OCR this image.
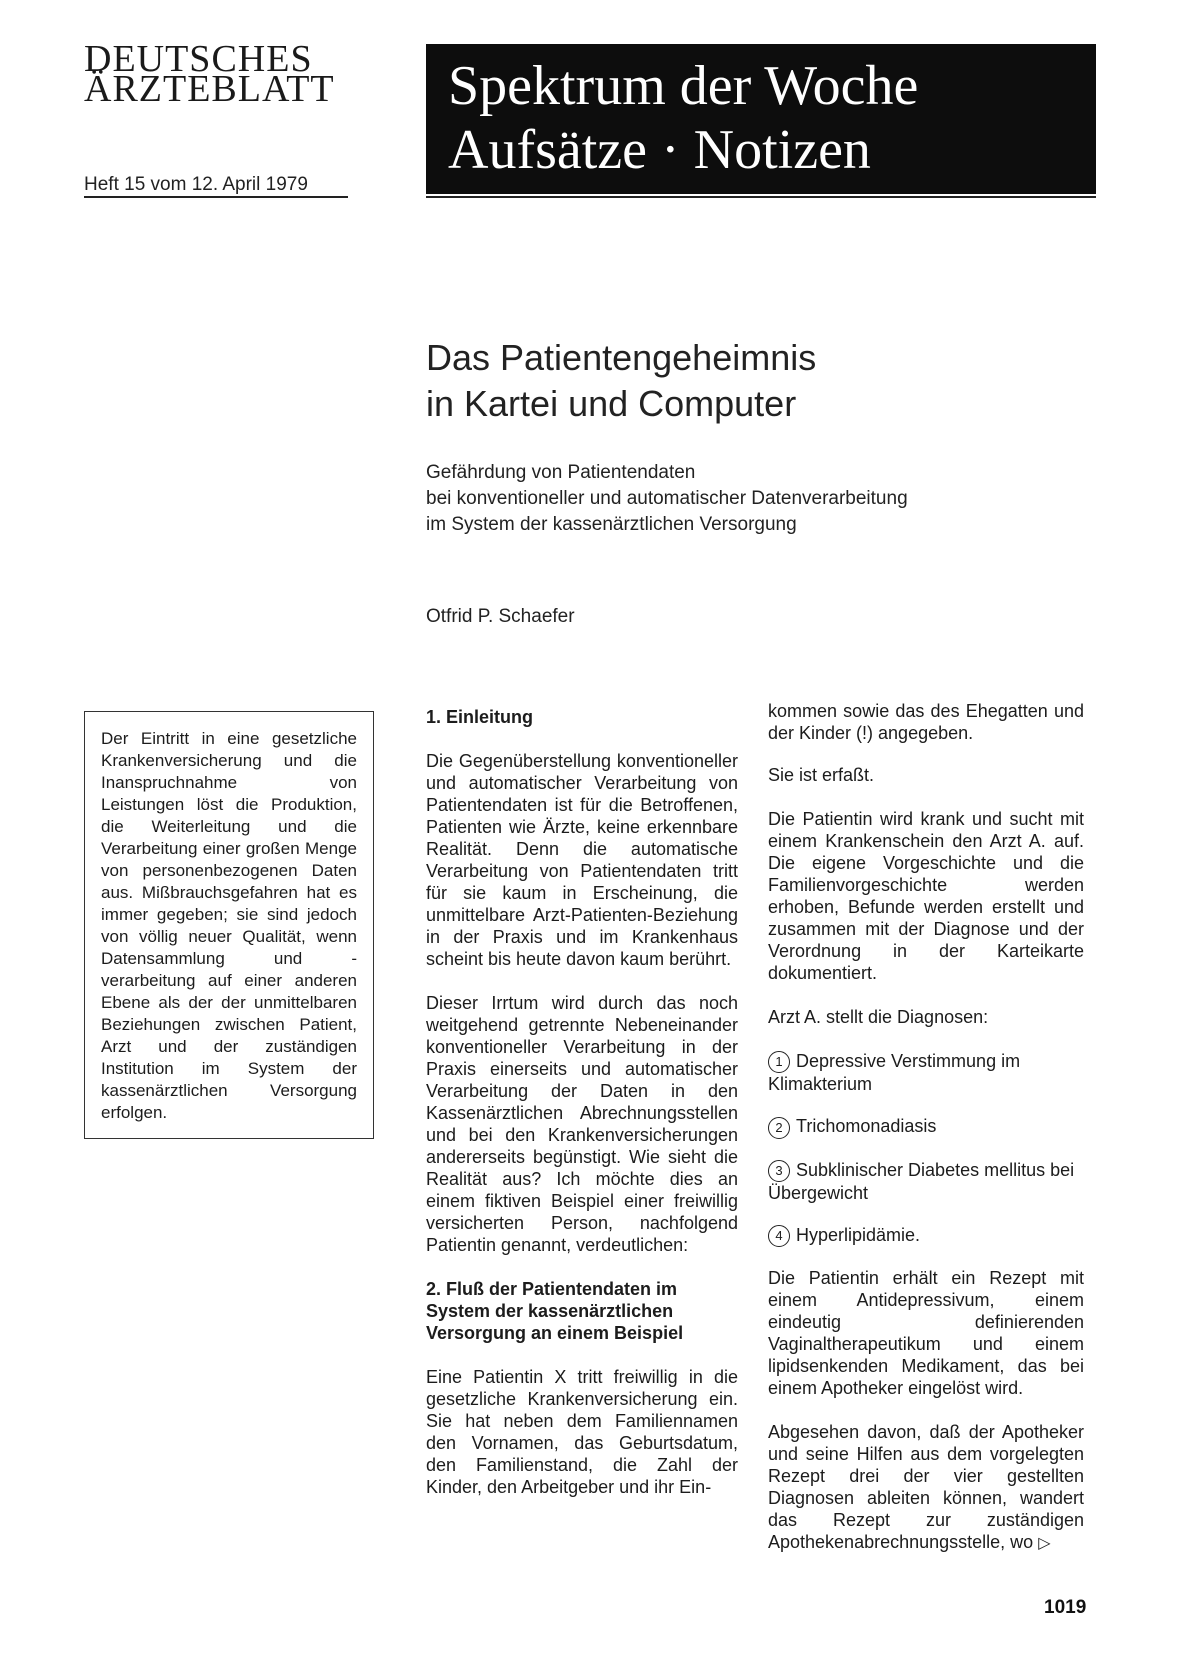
DEUTSCHES
ÄRZTEBLATT
Heft 15 vom 12. April 1979
Spektrum der Woche
Aufsätze · Notizen
Das Patientengeheimnis
in Kartei und Computer
Gefährdung von Patientendaten
bei konventioneller und automatischer Datenverarbeitung
im System der kassenärztlichen Versorgung
Otfrid P. Schaefer
Der Eintritt in eine gesetzliche Krankenversicherung und die Inanspruchnahme von Leistungen löst die Produktion, die Weiterleitung und die Verarbeitung einer großen Menge von personenbezogenen Daten aus. Mißbrauchsgefahren hat es immer gegeben; sie sind jedoch von völlig neuer Qualität, wenn Datensammlung und -verarbeitung auf einer anderen Ebene als der der unmittelbaren Beziehungen zwischen Patient, Arzt und der zuständigen Institution im System der kassenärztlichen Versorgung erfolgen.
1. Einleitung

Die Gegenüberstellung konventioneller und automatischer Verarbeitung von Patientendaten ist für die Betroffenen, Patienten wie Ärzte, keine erkennbare Realität. Denn die automatische Verarbeitung von Patientendaten tritt für sie kaum in Erscheinung, die unmittelbare Arzt-Patienten-Beziehung in der Praxis und im Krankenhaus scheint bis heute davon kaum berührt.

Dieser Irrtum wird durch das noch weitgehend getrennte Nebeneinander konventioneller Verarbeitung in der Praxis einerseits und automatischer Verarbeitung der Daten in den Kassenärztlichen Abrechnungsstellen und bei den Krankenversicherungen andererseits begünstigt. Wie sieht die Realität aus? Ich möchte dies an einem fiktiven Beispiel einer freiwillig versicherten Person, nachfolgend Patientin genannt, verdeutlichen:

2. Fluß der Patientendaten im System der kassenärztlichen Versorgung an einem Beispiel

Eine Patientin X tritt freiwillig in die gesetzliche Krankenversicherung ein. Sie hat neben dem Familiennamen den Vornamen, das Geburtsdatum, den Familienstand, die Zahl der Kinder, den Arbeitgeber und ihr Ein-

kommen sowie das des Ehegatten und der Kinder (!) angegeben.

Sie ist erfaßt.

Die Patientin wird krank und sucht mit einem Krankenschein den Arzt A. auf. Die eigene Vorgeschichte und die Familienvorgeschichte werden erhoben, Befunde werden erstellt und zusammen mit der Diagnose und der Verordnung in der Karteikarte dokumentiert.

Arzt A. stellt die Diagnosen:

1 Depressive Verstimmung im Klimakterium
2 Trichomonadiasis
3 Subklinischer Diabetes mellitus bei Übergewicht
4 Hyperlipidämie.

Die Patientin erhält ein Rezept mit einem Antidepressivum, einem eindeutig definierenden Vaginaltherapeutikum und einem lipidsenkenden Medikament, das bei einem Apotheker eingelöst wird.

Abgesehen davon, daß der Apotheker und seine Hilfen aus dem vorgelegten Rezept drei der vier gestellten Diagnosen ableiten können, wandert das Rezept zur zuständigen Apothekenabrechnungsstelle, wo ▷

1019
